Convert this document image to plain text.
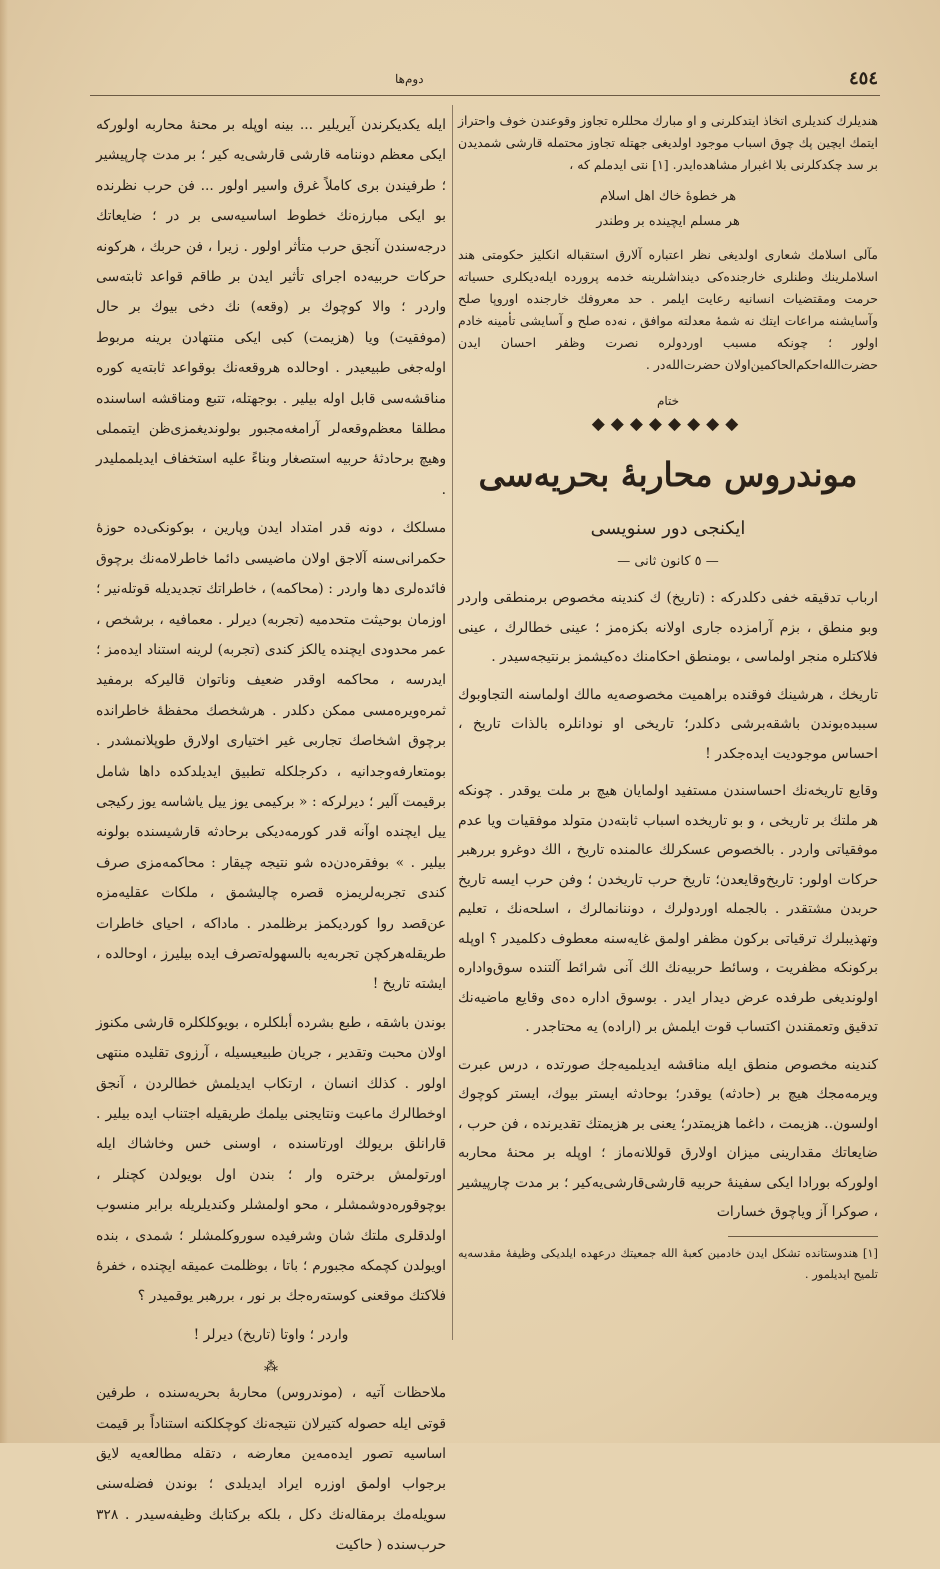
٤٥٤
دوم‌ها

هندیلرك كندیلری اتخاذ ایتدكلرنی و او مبارك محللره تجاوز وقوعندن خوف واحتراز ایتمك ایچین پك چوق اسباب موجود اولدیغی جهتله تجاوز محتمله قارشی شمدیدن بر سد چكدكلرنی بلا اغبرار مشاهده‌ایدر. [١] نتی ایدملم كه ،

هر خطوهٔ خاك اهل اسلام
هر مسلم ایچینده بر وطندر

مآلی اسلامك شعاری اولدیغی نظر اعتباره آلارق استقباله انكلیز حكومتی هند اسلاملرینك وطنلری خارجنده‌كی دینداشلرینه خدمه پرورده ایله‌ديكلری حسیاته حرمت ومقتضیات انسانیه رعایت ایلمر . حد معروفك خارجنده اوروپا صلح وآسایشنه مراعات ایتك نه شمهٔ معدلته موافق ، نه‌ده‌ صلح و آسایشی تأمینه خادم اولور ؛ چونكه مسبب اوردولره نصرت وظفر احسان ایدن حضرت‌الله‌احكم‌الحاكمین‌اولان حضرت‌الله‌در .

ختام
◆◆◆◆◆◆◆◆
موندروس محاربهٔ بحریه‌سی
ایكنجی دور سنویسی
— ٥ كانون ثانی —

ارباب تدقیقه خفی دكلدركه : (تاریخ) ك كندینه مخصوص برمنطقی واردر وبو منطق ، بزم آرامزده جاری اولانه بكزه‌مز ؛ عینی خطالرك ، عینی فلاكتلره منجر اولماسی ، بومنطق احكامنك ده‌كیشمز برنتیجه‌سیدر .

تاریخك ، هرشینك فوقنده براهمیت مخصوصه‌یه مالك اولماسنه التجاوبوك سببده‌بوندن باشقه‌برشی دكلدر؛ تاریخی او نودانلره بالذات تاریخ ، احساس موجودیت ایده‌جكدر !

وقایع تاریخه‌نك احساسندن مستفید اولمایان هیچ بر ملت یوقدر . چونكه هر ملتك بر تاریخی ، و بو تاریخده اسباب ثابته‌دن متولد موفقیات ویا عدم موفقیاتی واردر . بالخصوص عسكرلك عالمنده تاریخ ، الك دوغرو بررهبر حركات اولور: تاریخ‌وقایعدن؛ تاریخ حرب تاریخدن ؛ وفن حرب ایسه تاریخ حربدن مشتقدر . بالجمله اوردولرك ، دوننانمالرك ، اسلحه‌نك ، تعلیم وتهذیبلرك ترقیاتی بركون مظفر اولمق غایه‌سنه معطوف دكلمیدر ؟ اوپله بركونكه مظفریت ، وسائط حربیه‌نك الك آنی شرائط آلتنده سوق‌واداره اولوندیغی طرفده عرض دیدار ایدر . بوسوق اداره ده‌ی وقایع ماضیه‌نك تدقیق وتعمقندن اكتساب قوت ایلمش بر (اراده) یه محتاجدر .

كندینه مخصوص منطق ایله مناقشه ایدیلمیه‌جك صورتده ، درس عبرت ویرمه‌مجك هیچ بر (حادثه) یوقدر؛ بوحادثه ایستر بیوك، ایستر كوچوك اولسون.. هزیمت ، داغما هزیمتدر؛ یعنی بر هزیمتك تقدیرنده ، فن حرب ، ضایعاتك مقدارینی میزان اولارق قوللانه‌ماز ؛ اوپله بر محنهٔ محاربه اولورکه بورادا ایكی سفینهٔ حربیه قارشی‌قارشی‌یه‌كیر ؛ بر مدت چارپیشیر ، صوكرا آز ویاچوق خسارات

[١] هندوستانده تشكل ایدن خادمین كعبهٔ الله جمعیتك درعهده ایلدیكی وظیفهٔ مقدسه‌یه تلمیح ایدیلمور .

ایله یكدیكرندن آیریلیر ... بینه اوپله بر محنهٔ محاربه اولوركه ایكی معظم دوننامه قارشی قارشی‌یه كیر ؛ بر مدت چارپیشیر ؛ طرفیندن بری كاملاً غرق واسیر اولور ... فن حرب نظرنده بو ایكی مبارزه‌نك خطوط اساسیه‌سی بر در ؛ ضایعاتك درجه‌سندن آنجق حرب متأثر اولور . زیرا ، فن حربك ، هركونه حركات حربیه‌ده اجرای تأثیر ایدن بر طاقم قواعد ثابته‌سی واردر ؛ والا كوچوك بر (وقعه) نك دخی بیوك بر حال (موفقیت) ویا (هزیمت) كبی ایكی منتهادن برینه مربوط اوله‌جغی طبیعیدر . اوحالده هروقعه‌نك بوقواعد ثابته‌یه كوره مناقشه‌سی قابل اوله بیلیر . بوجهتله‌، تتبع ومناقشه اساسنده مطلقا معظم‌وقعه‌لر آرامغه‌مجبور بولوندیغمزی‌ظن ایتمملی وهیچ برحادثهٔ حربیه استصغار وبناءً علیه استخفاف ایدیلمملیدر .

مسلكك ، دونه قدر امتداد ایدن وپارین ، بوكونكی‌ده حوزهٔ حكمرانی‌سنه آلاجق اولان ماضیسی دائما خاطرلامه‌نك برچوق فائده‌لری دها واردر : (محاكمه) ، خاطراتك تجدیدیله قوتله‌نیر ؛ اوزمان بوحیثت متحدمیه (تجربه) دیرلر . معمافیه ، برشخص ، عمر محدودی ایچنده یالكز كندی (تجربه) لرینه استناد ایده‌مز ؛ ایدرسه ، محاكمه اوقدر ضعیف وناتوان قالیركه برمفید ثمره‌ویره‌مسی ممكن دكلدر . هرشخصك محفظهٔ خاطرانده برچوق اشخاصك تجاربی غیر اختیاری اولارق طوپلانمشدر . بومتعارفه‌وجدانیه ، دكرجلكله تطبیق ایدیلدكده داها شامل برقیمت آلیر ؛ دیرلركه : « بركیمی یوز ییل یاشاسه یوز ركیجی ییل ایچنده اوآنه قدر كورمه‌دیكی برحادثه قارشیسنده بولونه بیلیر . » بوفقره‌دن‌ده شو نتیجه چیقار : محاكمه‌مزی صرف كندی تجربه‌لریمزه قصره چالیشمق ، ملكات عقلیه‌مزه عن‌قصد روا كوردیكمز برظلمدر . ماداكه ، احیای خاطرات طریقله‌هركچن تجربه‌یه بالسهوله‌تصرف ایده بیلیرز ، اوحالده ، ایشته تاریخ !

بوندن باشقه ، طبع بشرده أبلكلره ، بویوكلكلره قارشی مكنوز اولان محبت وتقدیر ، جریان طبیعیسیله ، آرزوی تقلیده منتهی اولور . كذلك انسان ، ارتكاب ایدیلمش خطالردن ، آنجق اوخطالرك ماعبت ونتایجنی بیلمك طریقیله اجتناب ایده بیلیر . قارانلق بریولك اورتاسنده ، اوسنی خس وخاشاك ایله اورتولمش برختره وار ؛ بندن اول بویولدن كچنلر ، بوچوقوره‌دوشمشلر ، محو اولمشلر وكندیلریله برابر منسوب اولدقلری ملتك شان وشرفیده سوروكلمشلر ؛ شمدی ، بنده اویولدن كچمكه مجبورم ؛ باتا ، بوظلمت عمیقه ایچنده ، خفرهٔ فلاكتك موقعنی كوسته‌ره‌جك بر نور ، بررهبر یوقمیدر ؟

واردر ؛ واوتا (تاریخ) دیرلر !

⁂

ملاحظات آتیه ، (موندروس) محاربهٔ بحریه‌سنده ، طرفین قوتی ایله حصوله كتیرلان نتیجه‌نك كوچكلكنه استناداً بر قیمت اساسیه تصور ایده‌مه‌ین معارضه ، دتقله مطالعه‌یه لایق برجواب اولمق اوزره ایراد ایدیلدی ؛ بوندن فضله‌سنی سویله‌مك برمقاله‌نك دكل ، بلكه بركتابك وظیفه‌سیدر . ٣٢٨ حرب‌سنده ( حاكیت
